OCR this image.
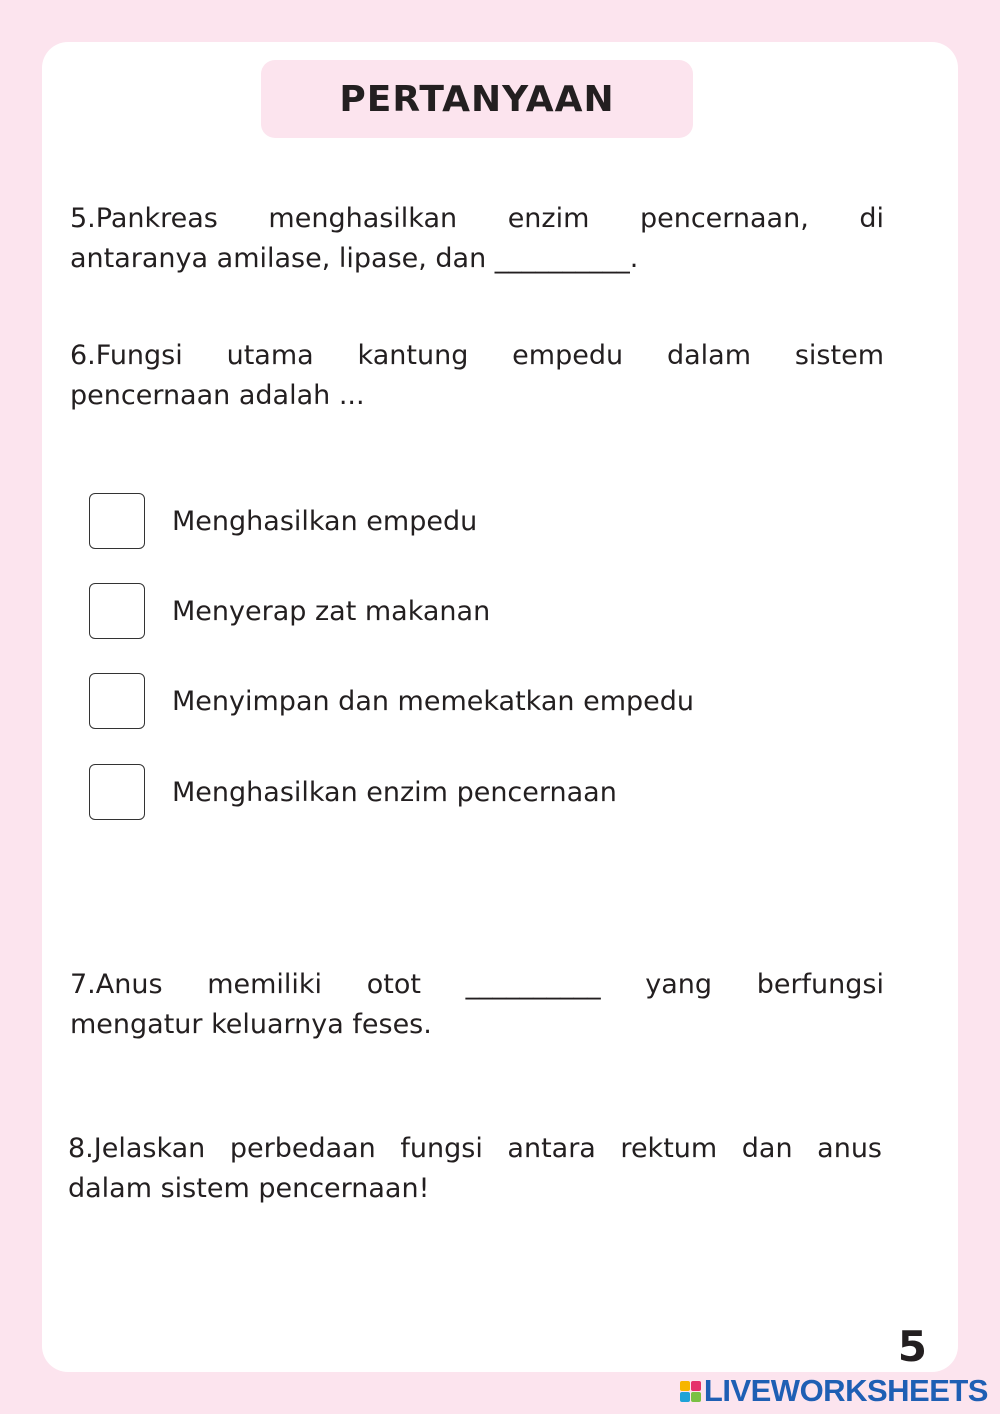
PERTANYAAN

5.Pankreas menghasilkan enzim pencernaan, di
antaranya amilase, lipase, dan __________.

6.Fungsi utama kantung empedu dalam sistem
pencernaan adalah ...

Menghasilkan empedu
Menyerap zat makanan
Menyimpan dan memekatkan empedu
Menghasilkan enzim pencernaan

7.Anus memiliki otot __________ yang berfungsi
mengatur keluarnya feses.

8.Jelaskan perbedaan fungsi antara rektum dan anus
dalam sistem pencernaan!

5
LIVEWORKSHEETS
